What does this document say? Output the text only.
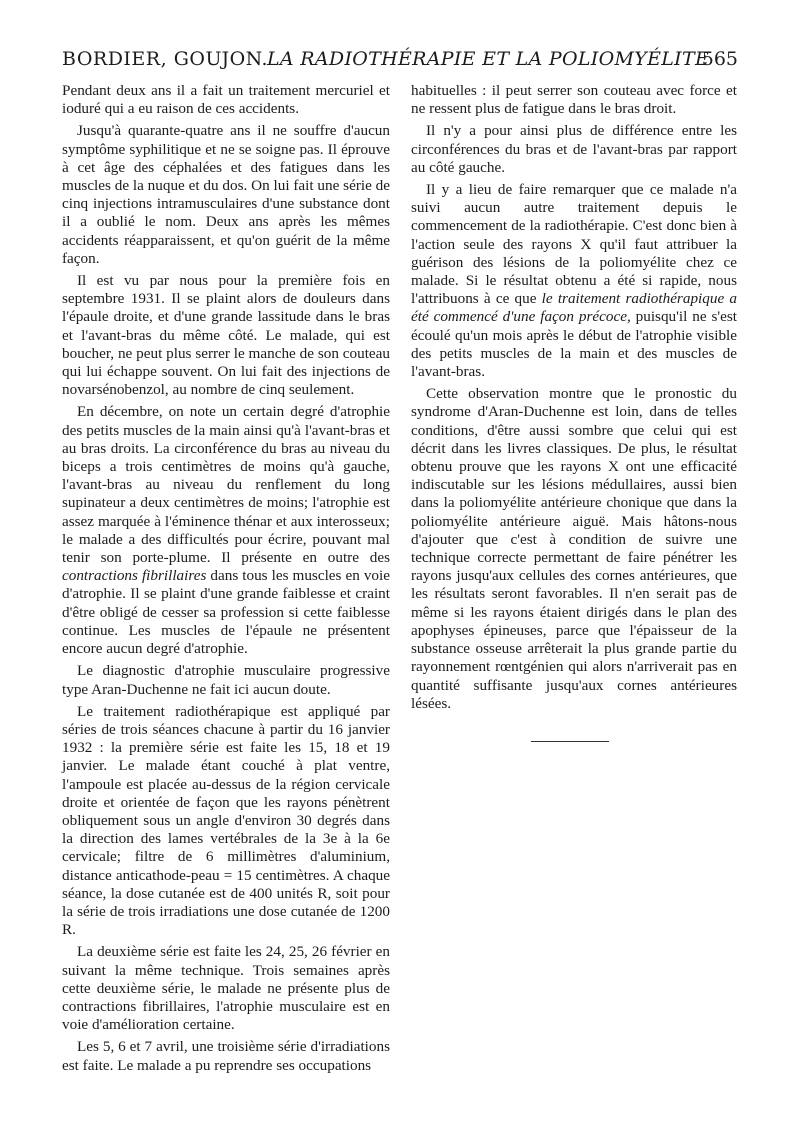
BORDIER, GOUJON.
LA RADIOTHÉRAPIE ET LA POLIOMYÉLITE
565

Pendant deux ans il a fait un traitement mercuriel et ioduré qui a eu raison de ces accidents.

Jusqu'à quarante-quatre ans il ne souffre d'aucun symptôme syphilitique et ne se soigne pas. Il éprouve à cet âge des céphalées et des fatigues dans les muscles de la nuque et du dos. On lui fait une série de cinq injections intramusculaires d'une substance dont il a oublié le nom. Deux ans après les mêmes accidents réapparaissent, et qu'on guérit de la même façon.

Il est vu par nous pour la première fois en septembre 1931. Il se plaint alors de douleurs dans l'épaule droite, et d'une grande lassitude dans le bras et l'avant-bras du même côté. Le malade, qui est boucher, ne peut plus serrer le manche de son couteau qui lui échappe souvent. On lui fait des injections de novarsénobenzol, au nombre de cinq seulement.

En décembre, on note un certain degré d'atrophie des petits muscles de la main ainsi qu'à l'avant-bras et au bras droits. La circonférence du bras au niveau du biceps a trois centimètres de moins qu'à gauche, l'avant-bras au niveau du renflement du long supinateur a deux centimètres de moins; l'atrophie est assez marquée à l'éminence thénar et aux interosseux; le malade a des difficultés pour écrire, pouvant mal tenir son porte-plume. Il présente en outre des contractions fibrillaires dans tous les muscles en voie d'atrophie. Il se plaint d'une grande faiblesse et craint d'être obligé de cesser sa profession si cette faiblesse continue. Les muscles de l'épaule ne présentent encore aucun degré d'atrophie.

Le diagnostic d'atrophie musculaire progressive type Aran-Duchenne ne fait ici aucun doute.

Le traitement radiothérapique est appliqué par séries de trois séances chacune à partir du 16 janvier 1932 : la première série est faite les 15, 18 et 19 janvier. Le malade étant couché à plat ventre, l'ampoule est placée au-dessus de la région cervicale droite et orientée de façon que les rayons pénètrent obliquement sous un angle d'environ 30 degrés dans la direction des lames vertébrales de la 3e à la 6e cervicale; filtre de 6 millimètres d'aluminium, distance anticathode-peau = 15 centimètres. A chaque séance, la dose cutanée est de 400 unités R, soit pour la série de trois irradiations une dose cutanée de 1200 R.

La deuxième série est faite les 24, 25, 26 février en suivant la même technique. Trois semaines après cette deuxième série, le malade ne présente plus de contractions fibrillaires, l'atrophie musculaire est en voie d'amélioration certaine.

Les 5, 6 et 7 avril, une troisième série d'irradiations est faite. Le malade a pu reprendre ses occupations

habituelles : il peut serrer son couteau avec force et ne ressent plus de fatigue dans le bras droit.

Il n'y a pour ainsi plus de différence entre les circonférences du bras et de l'avant-bras par rapport au côté gauche.

Il y a lieu de faire remarquer que ce malade n'a suivi aucun autre traitement depuis le commencement de la radiothérapie. C'est donc bien à l'action seule des rayons X qu'il faut attribuer la guérison des lésions de la poliomyélite chez ce malade. Si le résultat obtenu a été si rapide, nous l'attribuons à ce que le traitement radiothérapique a été commencé d'une façon précoce, puisqu'il ne s'est écoulé qu'un mois après le début de l'atrophie visible des petits muscles de la main et des muscles de l'avant-bras.

Cette observation montre que le pronostic du syndrome d'Aran-Duchenne est loin, dans de telles conditions, d'être aussi sombre que celui qui est décrit dans les livres classiques. De plus, le résultat obtenu prouve que les rayons X ont une efficacité indiscutable sur les lésions médullaires, aussi bien dans la poliomyélite antérieure chonique que dans la poliomyélite antérieure aiguë. Mais hâtons-nous d'ajouter que c'est à condition de suivre une technique correcte permettant de faire pénétrer les rayons jusqu'aux cellules des cornes antérieures, que les résultats seront favorables. Il n'en serait pas de même si les rayons étaient dirigés dans le plan des apophyses épineuses, parce que l'épaisseur de la substance osseuse arrêterait la plus grande partie du rayonnement rœntgénien qui alors n'arriverait pas en quantité suffisante jusqu'aux cornes antérieures lésées.
